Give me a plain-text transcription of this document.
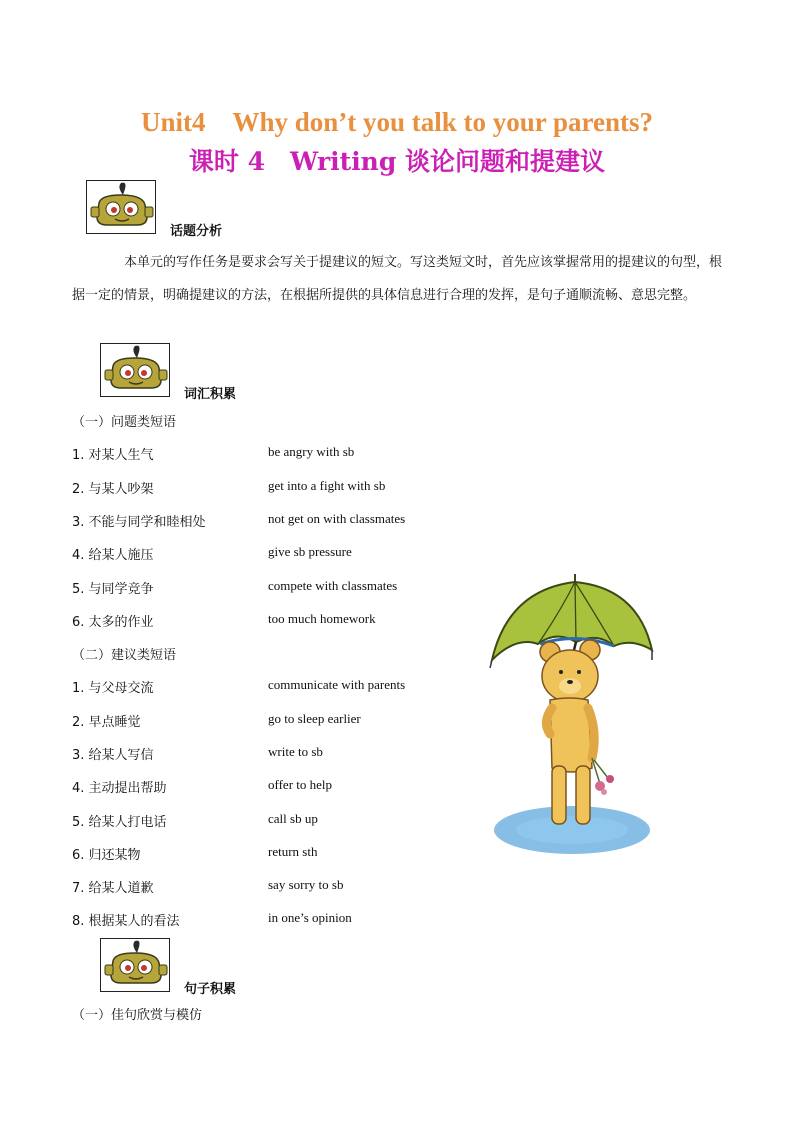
Unit4　Why don’t you talk to your parents?
课时 4　Writing 谈论问题和提建议
话题分析

本单元的写作任务是要求会写关于提建议的短文。写这类短文时，首先应该掌握常用的提建议的句型，根据一定的情景，明确提建议的方法，在根据所提供的具体信息进行合理的发挥，是句子通顺流畅、意思完整。

词汇积累
（一）问题类短语
1. 对某人生气	be angry with sb
2. 与某人吵架	get into a fight with sb
3. 不能与同学和睦相处	not get on with classmates
4. 给某人施压	give sb pressure
5. 与同学竞争	compete with classmates
6. 太多的作业	too much homework
（二）建议类短语
1. 与父母交流	communicate with parents
2. 早点睡觉	go to sleep earlier
3. 给某人写信	write to sb
4. 主动提出帮助	offer to help
5. 给某人打电话	call sb up
6. 归还某物	return sth
7. 给某人道歉	say sorry to sb
8. 根据某人的看法	in one’s opinion
句子积累
（一）佳句欣赏与模仿
